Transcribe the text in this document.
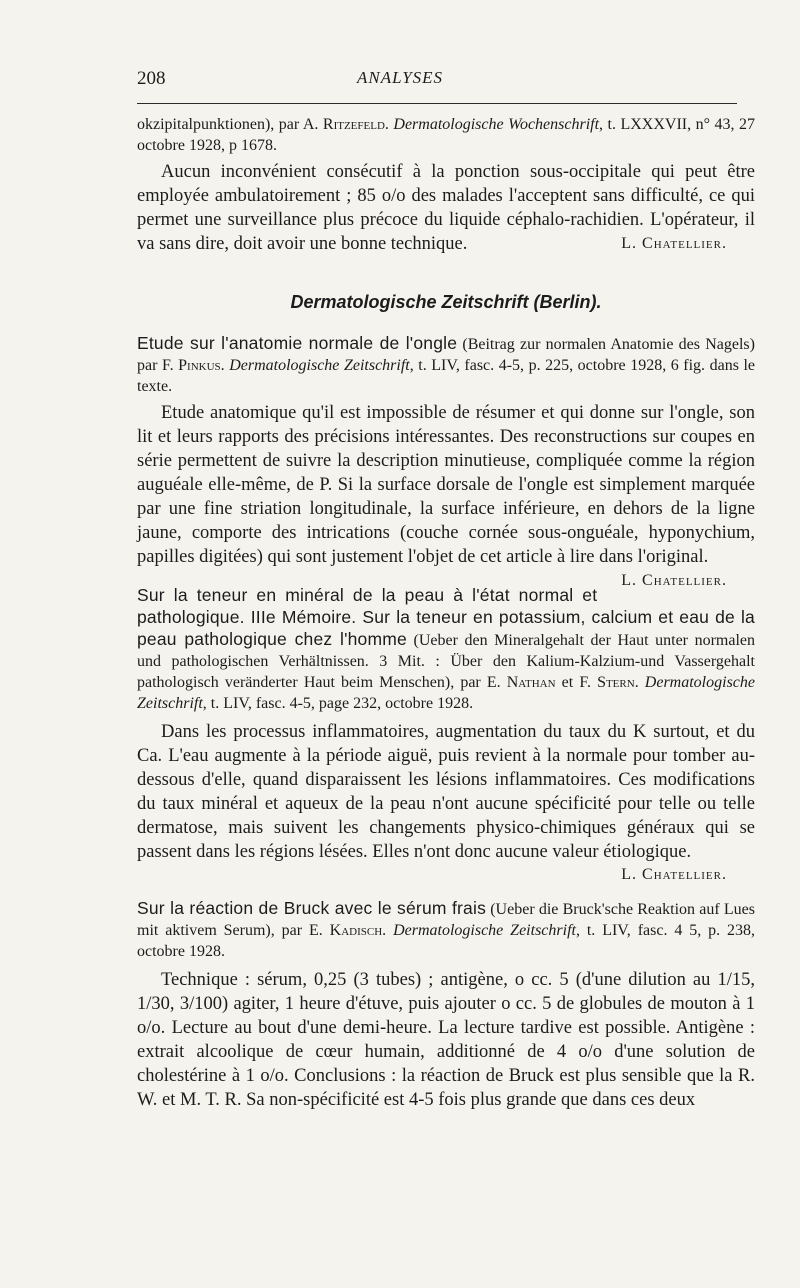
208	ANALYSES

okzipitalpunktionen), par A. Ritzefeld. Dermatologische Wochenschrift, t. LXXXVII, n° 43, 27 octobre 1928, p 1678.

Aucun inconvénient consécutif à la ponction sous-occipitale qui peut être employée ambulatoirement ; 85 o/o des malades l'acceptent sans difficulté, ce qui permet une surveillance plus précoce du liquide céphalo-rachidien. L'opérateur, il va sans dire, doit avoir une bonne technique.	L. Chatellier.

Dermatologische Zeitschrift (Berlin).

Etude sur l'anatomie normale de l'ongle (Beitrag zur normalen Anatomie des Nagels) par F. Pinkus. Dermatologische Zeitschrift, t. LIV, fasc. 4-5, p. 225, octobre 1928, 6 fig. dans le texte.

Etude anatomique qu'il est impossible de résumer et qui donne sur l'ongle, son lit et leurs rapports des précisions intéressantes. Des reconstructions sur coupes en série permettent de suivre la description minutieuse, compliquée comme la région auguéale elle-même, de P. Si la surface dorsale de l'ongle est simplement marquée par une fine striation longitudinale, la surface inférieure, en dehors de la ligne jaune, comporte des intrications (couche cornée sous-onguéale, hyponychium, papilles digitées) qui sont justement l'objet de cet article à lire dans l'original.
L. Chatellier.

Sur la teneur en minéral de la peau à l'état normal et pathologique. IIIe Mémoire. Sur la teneur en potassium, calcium et eau de la peau pathologique chez l'homme (Ueber den Mineralgehalt der Haut unter normalen und pathologischen Verhältnissen. 3 Mit. : Über den Kalium-Kalzium-und Vassergehalt pathologisch veränderter Haut beim Menschen), par E. Nathan et F. Stern. Dermatologische Zeitschrift, t. LIV, fasc. 4-5, page 232, octobre 1928.

Dans les processus inflammatoires, augmentation du taux du K surtout, et du Ca. L'eau augmente à la période aiguë, puis revient à la normale pour tomber au-dessous d'elle, quand disparaissent les lésions inflammatoires. Ces modifications du taux minéral et aqueux de la peau n'ont aucune spécificité pour telle ou telle dermatose, mais suivent les changements physico-chimiques généraux qui se passent dans les régions lésées. Elles n'ont donc aucune valeur étiologique.

L. Chatellier.

Sur la réaction de Bruck avec le sérum frais (Ueber die Bruck'sche Reaktion auf Lues mit aktivem Serum), par E. Kadisch. Dermatologische Zeitschrift, t. LIV, fasc. 4 5, p. 238, octobre 1928.

Technique : sérum, 0,25 (3 tubes) ; antigène, o cc. 5 (d'une dilution au 1/15, 1/30, 3/100) agiter, 1 heure d'étuve, puis ajouter o cc. 5 de globules de mouton à 1 o/o. Lecture au bout d'une demi-heure. La lecture tardive est possible. Antigène : extrait alcoolique de cœur humain, additionné de 4 o/o d'une solution de cholestérine à 1 o/o. Conclusions : la réaction de Bruck est plus sensible que la R. W. et M. T. R. Sa non-spécificité est 4-5 fois plus grande que dans ces deux
